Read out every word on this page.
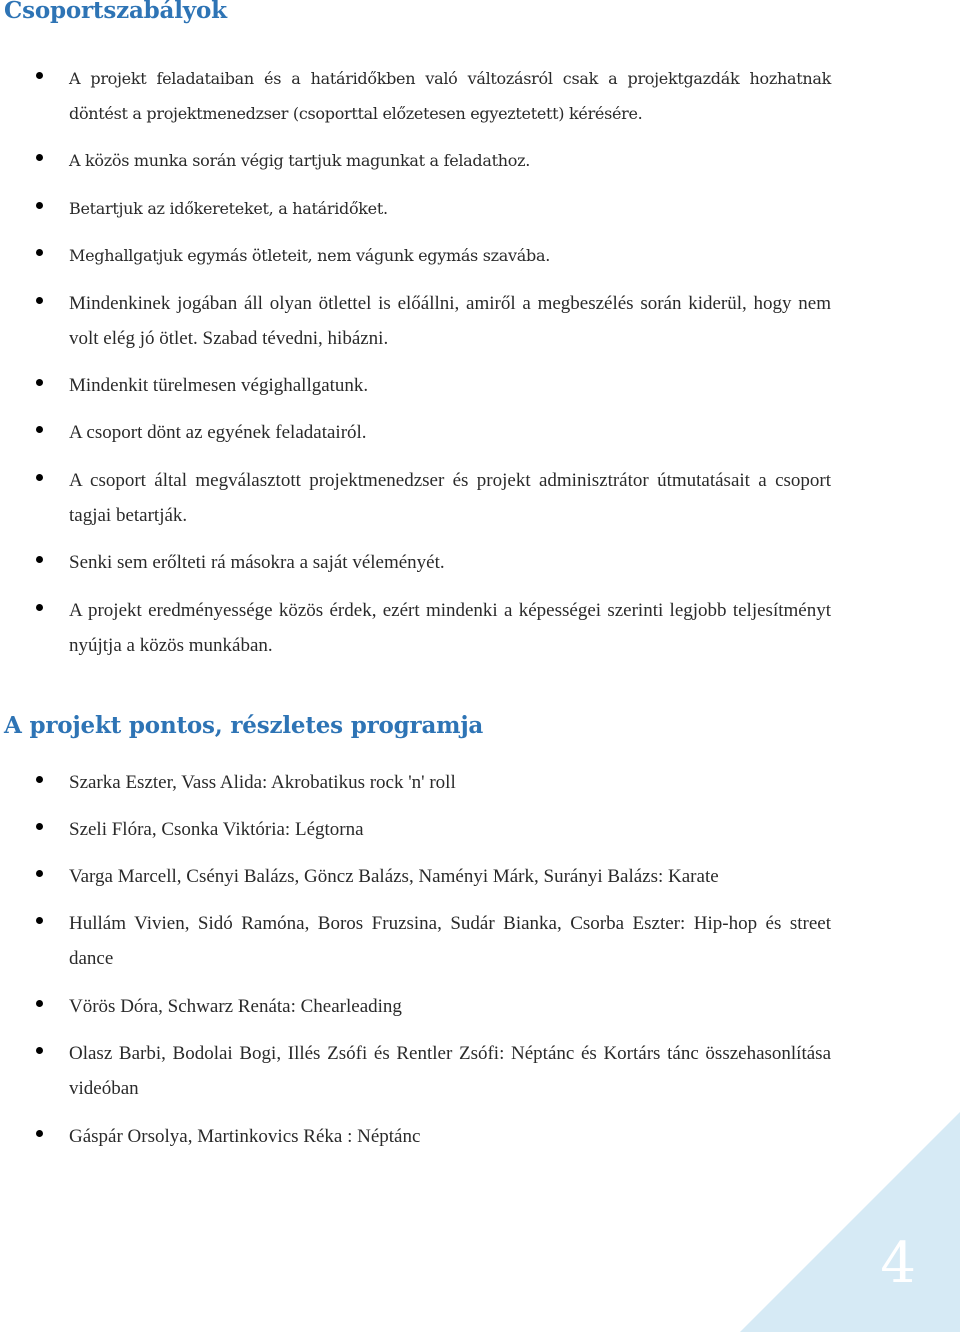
Csoportszabályok

A projekt feladataiban és a határidőkben való változásról csak a projektgazdák hozhatnak döntést a projektmenedzser (csoporttal előzetesen egyeztetett) kérésére.

A közös munka során végig tartjuk magunkat a feladathoz.

Betartjuk az időkereteket, a határidőket.

Meghallgatjuk egymás ötleteit, nem vágunk egymás szavába.

Mindenkinek jogában áll olyan ötlettel is előállni, amiről a megbeszélés során kiderül, hogy nem volt elég jó ötlet. Szabad tévedni, hibázni.

Mindenkit türelmesen végighallgatunk.

A csoport dönt az egyének feladatairól.

A csoport által megválasztott projektmenedzser és projekt adminisztrátor útmutatásait a csoport tagjai betartják.

Senki sem erőlteti rá másokra a saját véleményét.

A projekt eredményessége közös érdek, ezért mindenki a képességei szerinti legjobb teljesítményt nyújtja a közös munkában.

A projekt pontos, részletes programja

Szarka Eszter, Vass Alida: Akrobatikus rock 'n' roll

Szeli Flóra, Csonka Viktória: Légtorna

Varga Marcell, Csényi Balázs, Göncz Balázs, Naményi Márk, Surányi Balázs: Karate

Hullám Vivien, Sidó Ramóna, Boros Fruzsina, Sudár Bianka, Csorba Eszter: Hip-hop és street dance

Vörös Dóra, Schwarz Renáta: Chearleading

Olasz Barbi, Bodolai Bogi, Illés Zsófi és Rentler Zsófi: Néptánc és Kortárs tánc összehasonlítása videóban

Gáspár Orsolya, Martinkovics Réka : Néptánc

4
